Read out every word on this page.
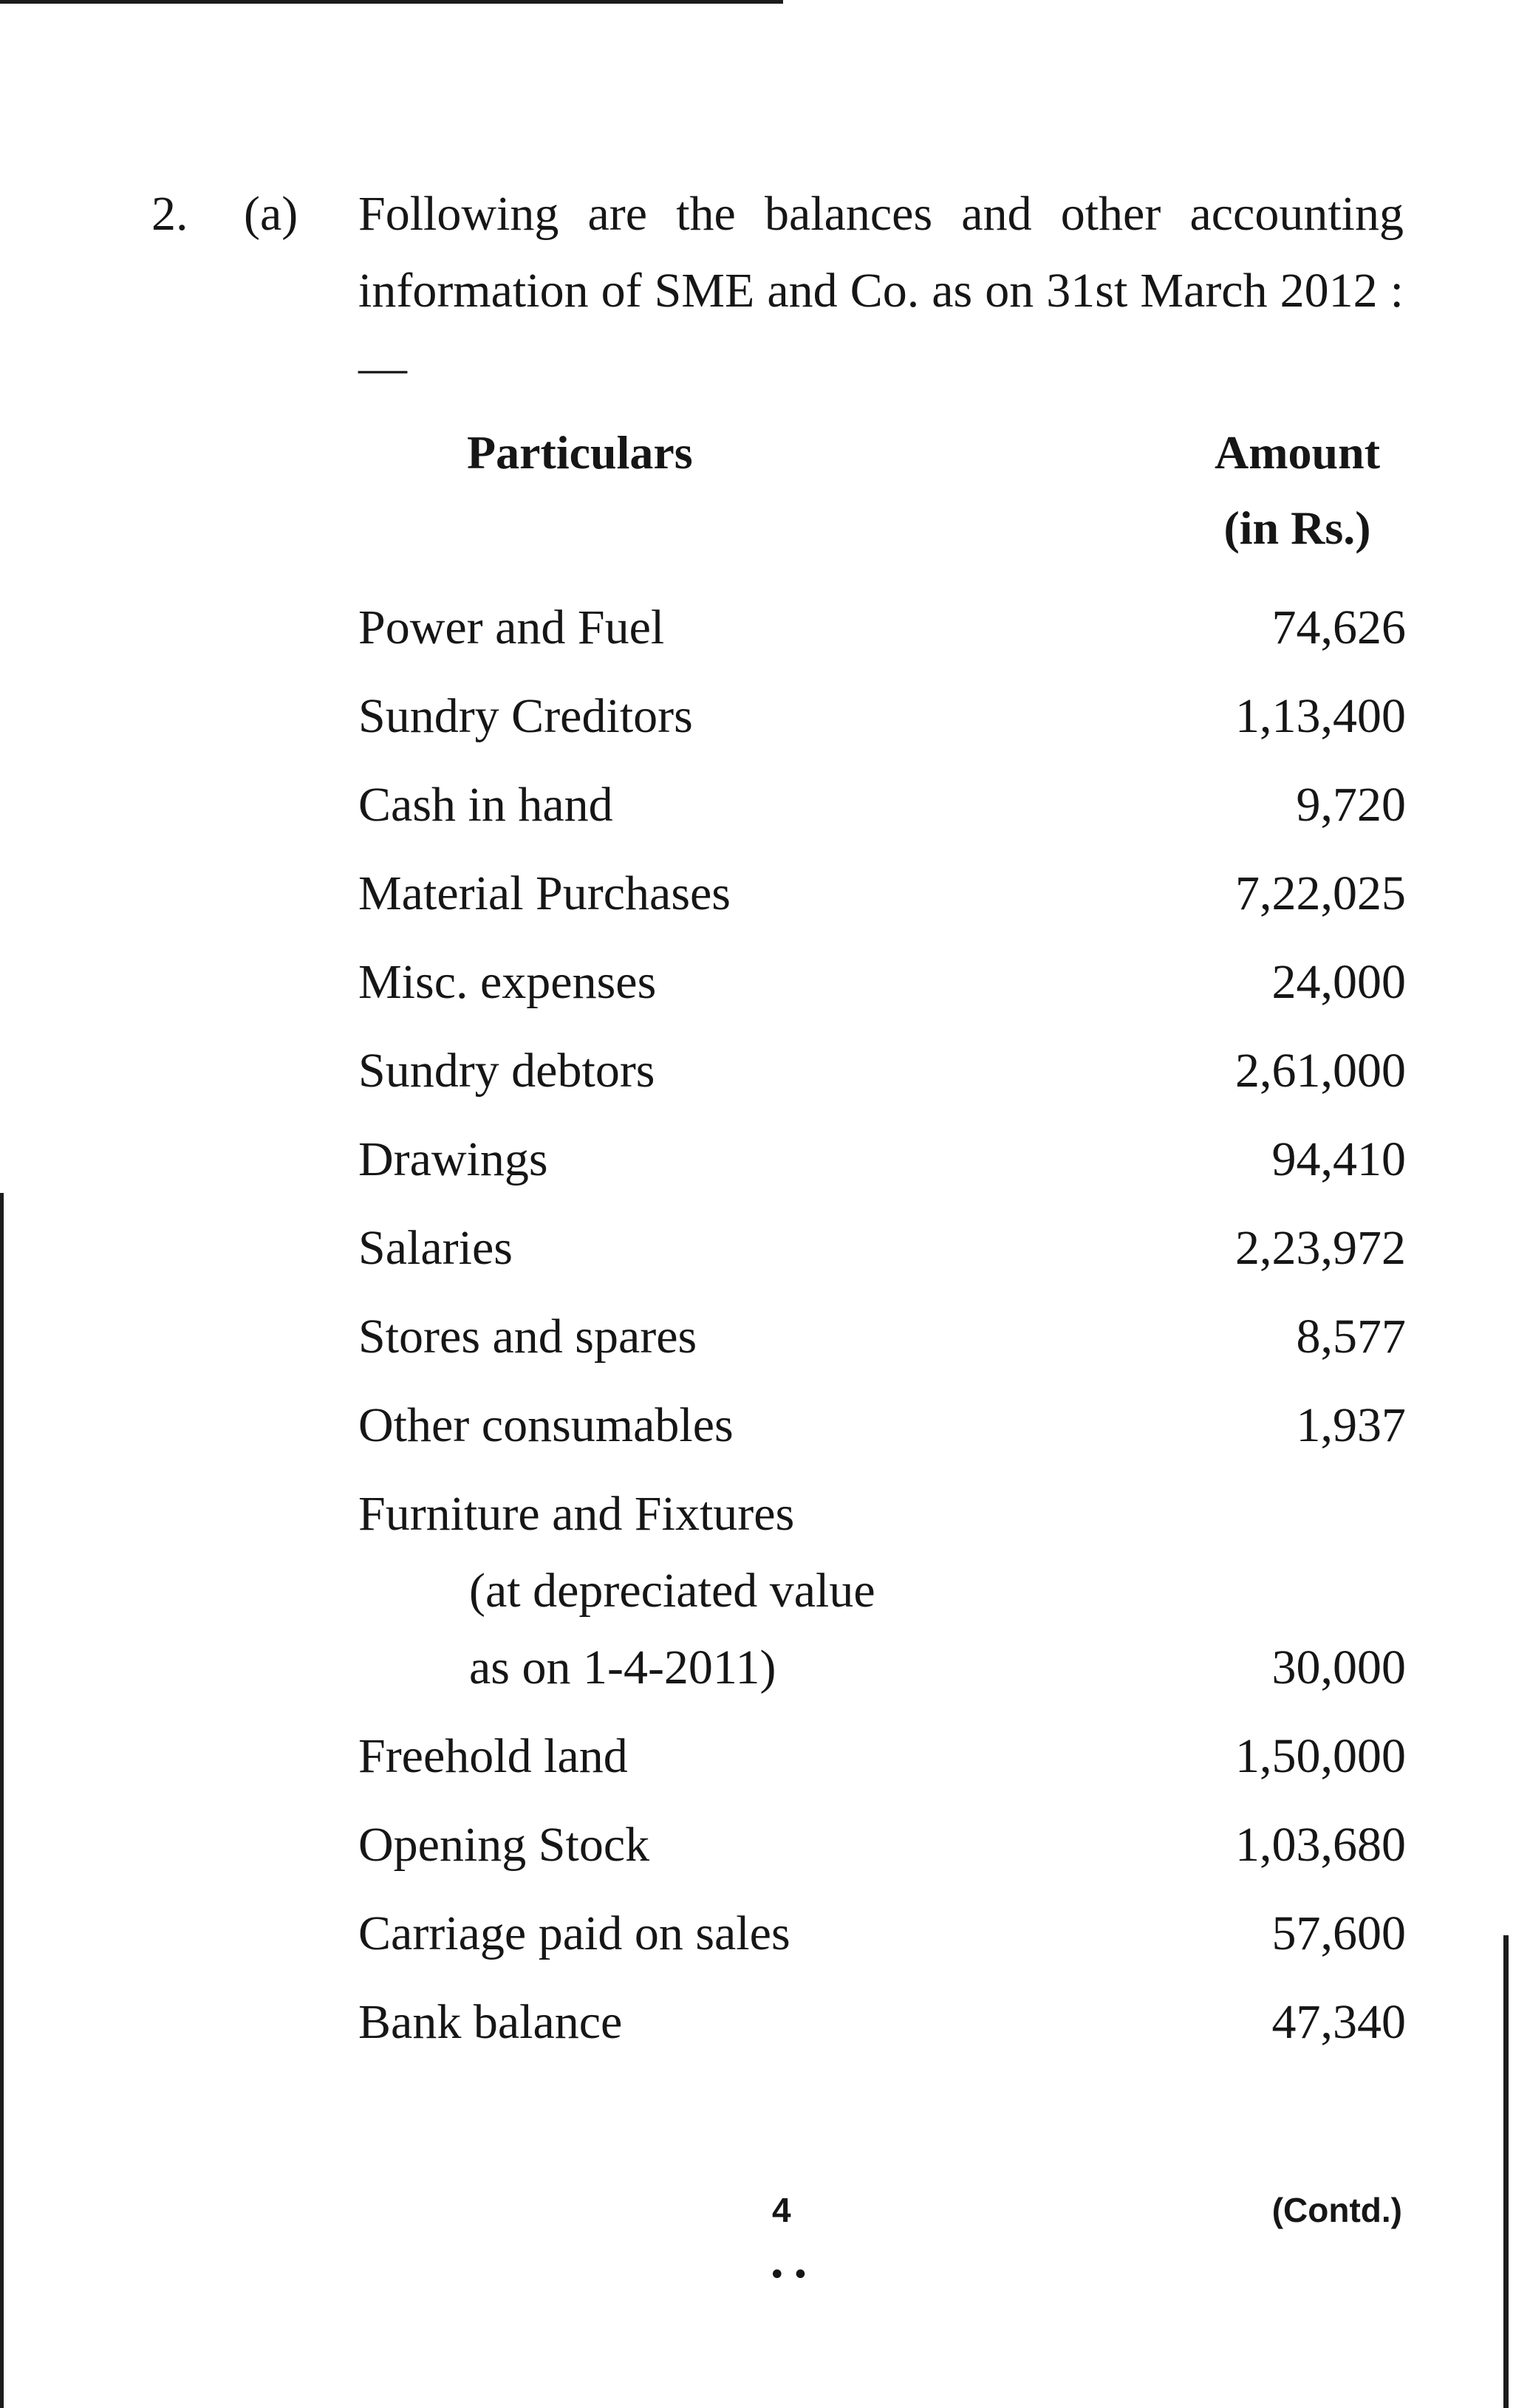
2. (a) Following are the balances and other accounting information of SME and Co. as on 31st March 2012 :—

Particulars	Amount
(in Rs.)
Power and Fuel	74,626
Sundry Creditors	1,13,400
Cash in hand	9,720
Material Purchases	7,22,025
Misc. expenses	24,000
Sundry debtors	2,61,000
Drawings	94,410
Salaries	2,23,972
Stores and spares	8,577
Other consumables	1,937
Furniture and Fixtures
(at depreciated value
as on 1-4-2011)	30,000
Freehold land	1,50,000
Opening Stock	1,03,680
Carriage paid on sales	57,600
Bank balance	47,340
4
••
(Contd.)
